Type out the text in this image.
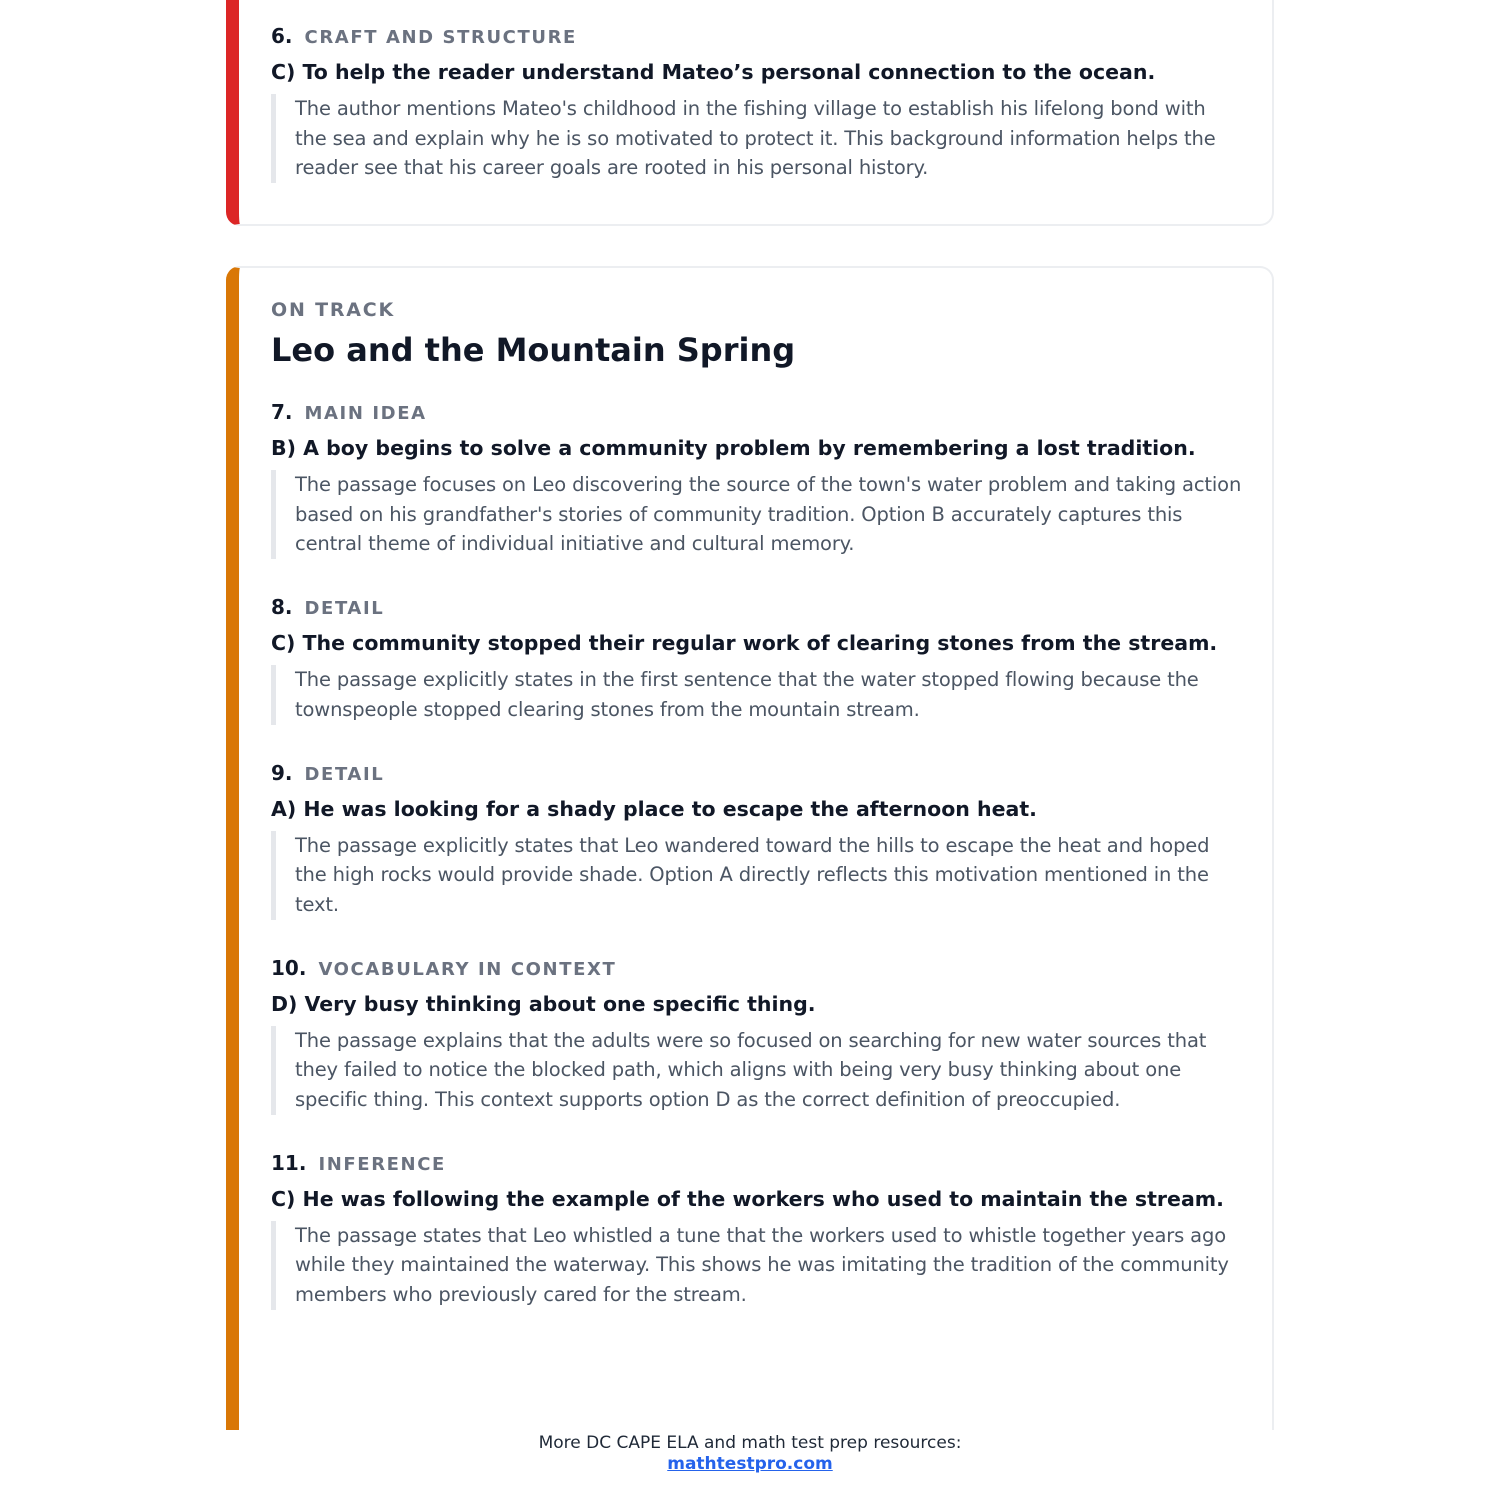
6. CRAFT AND STRUCTURE
C) To help the reader understand Mateo’s personal connection to the ocean.
The author mentions Mateo's childhood in the fishing village to establish his lifelong bond with the sea and explain why he is so motivated to protect it. This background information helps the reader see that his career goals are rooted in his personal history.
ON TRACK
Leo and the Mountain Spring
7. MAIN IDEA
B) A boy begins to solve a community problem by remembering a lost tradition.
The passage focuses on Leo discovering the source of the town's water problem and taking action based on his grandfather's stories of community tradition. Option B accurately captures this central theme of individual initiative and cultural memory.
8. DETAIL
C) The community stopped their regular work of clearing stones from the stream.
The passage explicitly states in the first sentence that the water stopped flowing because the townspeople stopped clearing stones from the mountain stream.
9. DETAIL
A) He was looking for a shady place to escape the afternoon heat.
The passage explicitly states that Leo wandered toward the hills to escape the heat and hoped the high rocks would provide shade. Option A directly reflects this motivation mentioned in the text.
10. VOCABULARY IN CONTEXT
D) Very busy thinking about one specific thing.
The passage explains that the adults were so focused on searching for new water sources that they failed to notice the blocked path, which aligns with being very busy thinking about one specific thing. This context supports option D as the correct definition of preoccupied.
11. INFERENCE
C) He was following the example of the workers who used to maintain the stream.
The passage states that Leo whistled a tune that the workers used to whistle together years ago while they maintained the waterway. This shows he was imitating the tradition of the community members who previously cared for the stream.
More DC CAPE ELA and math test prep resources:
mathtestpro.com
